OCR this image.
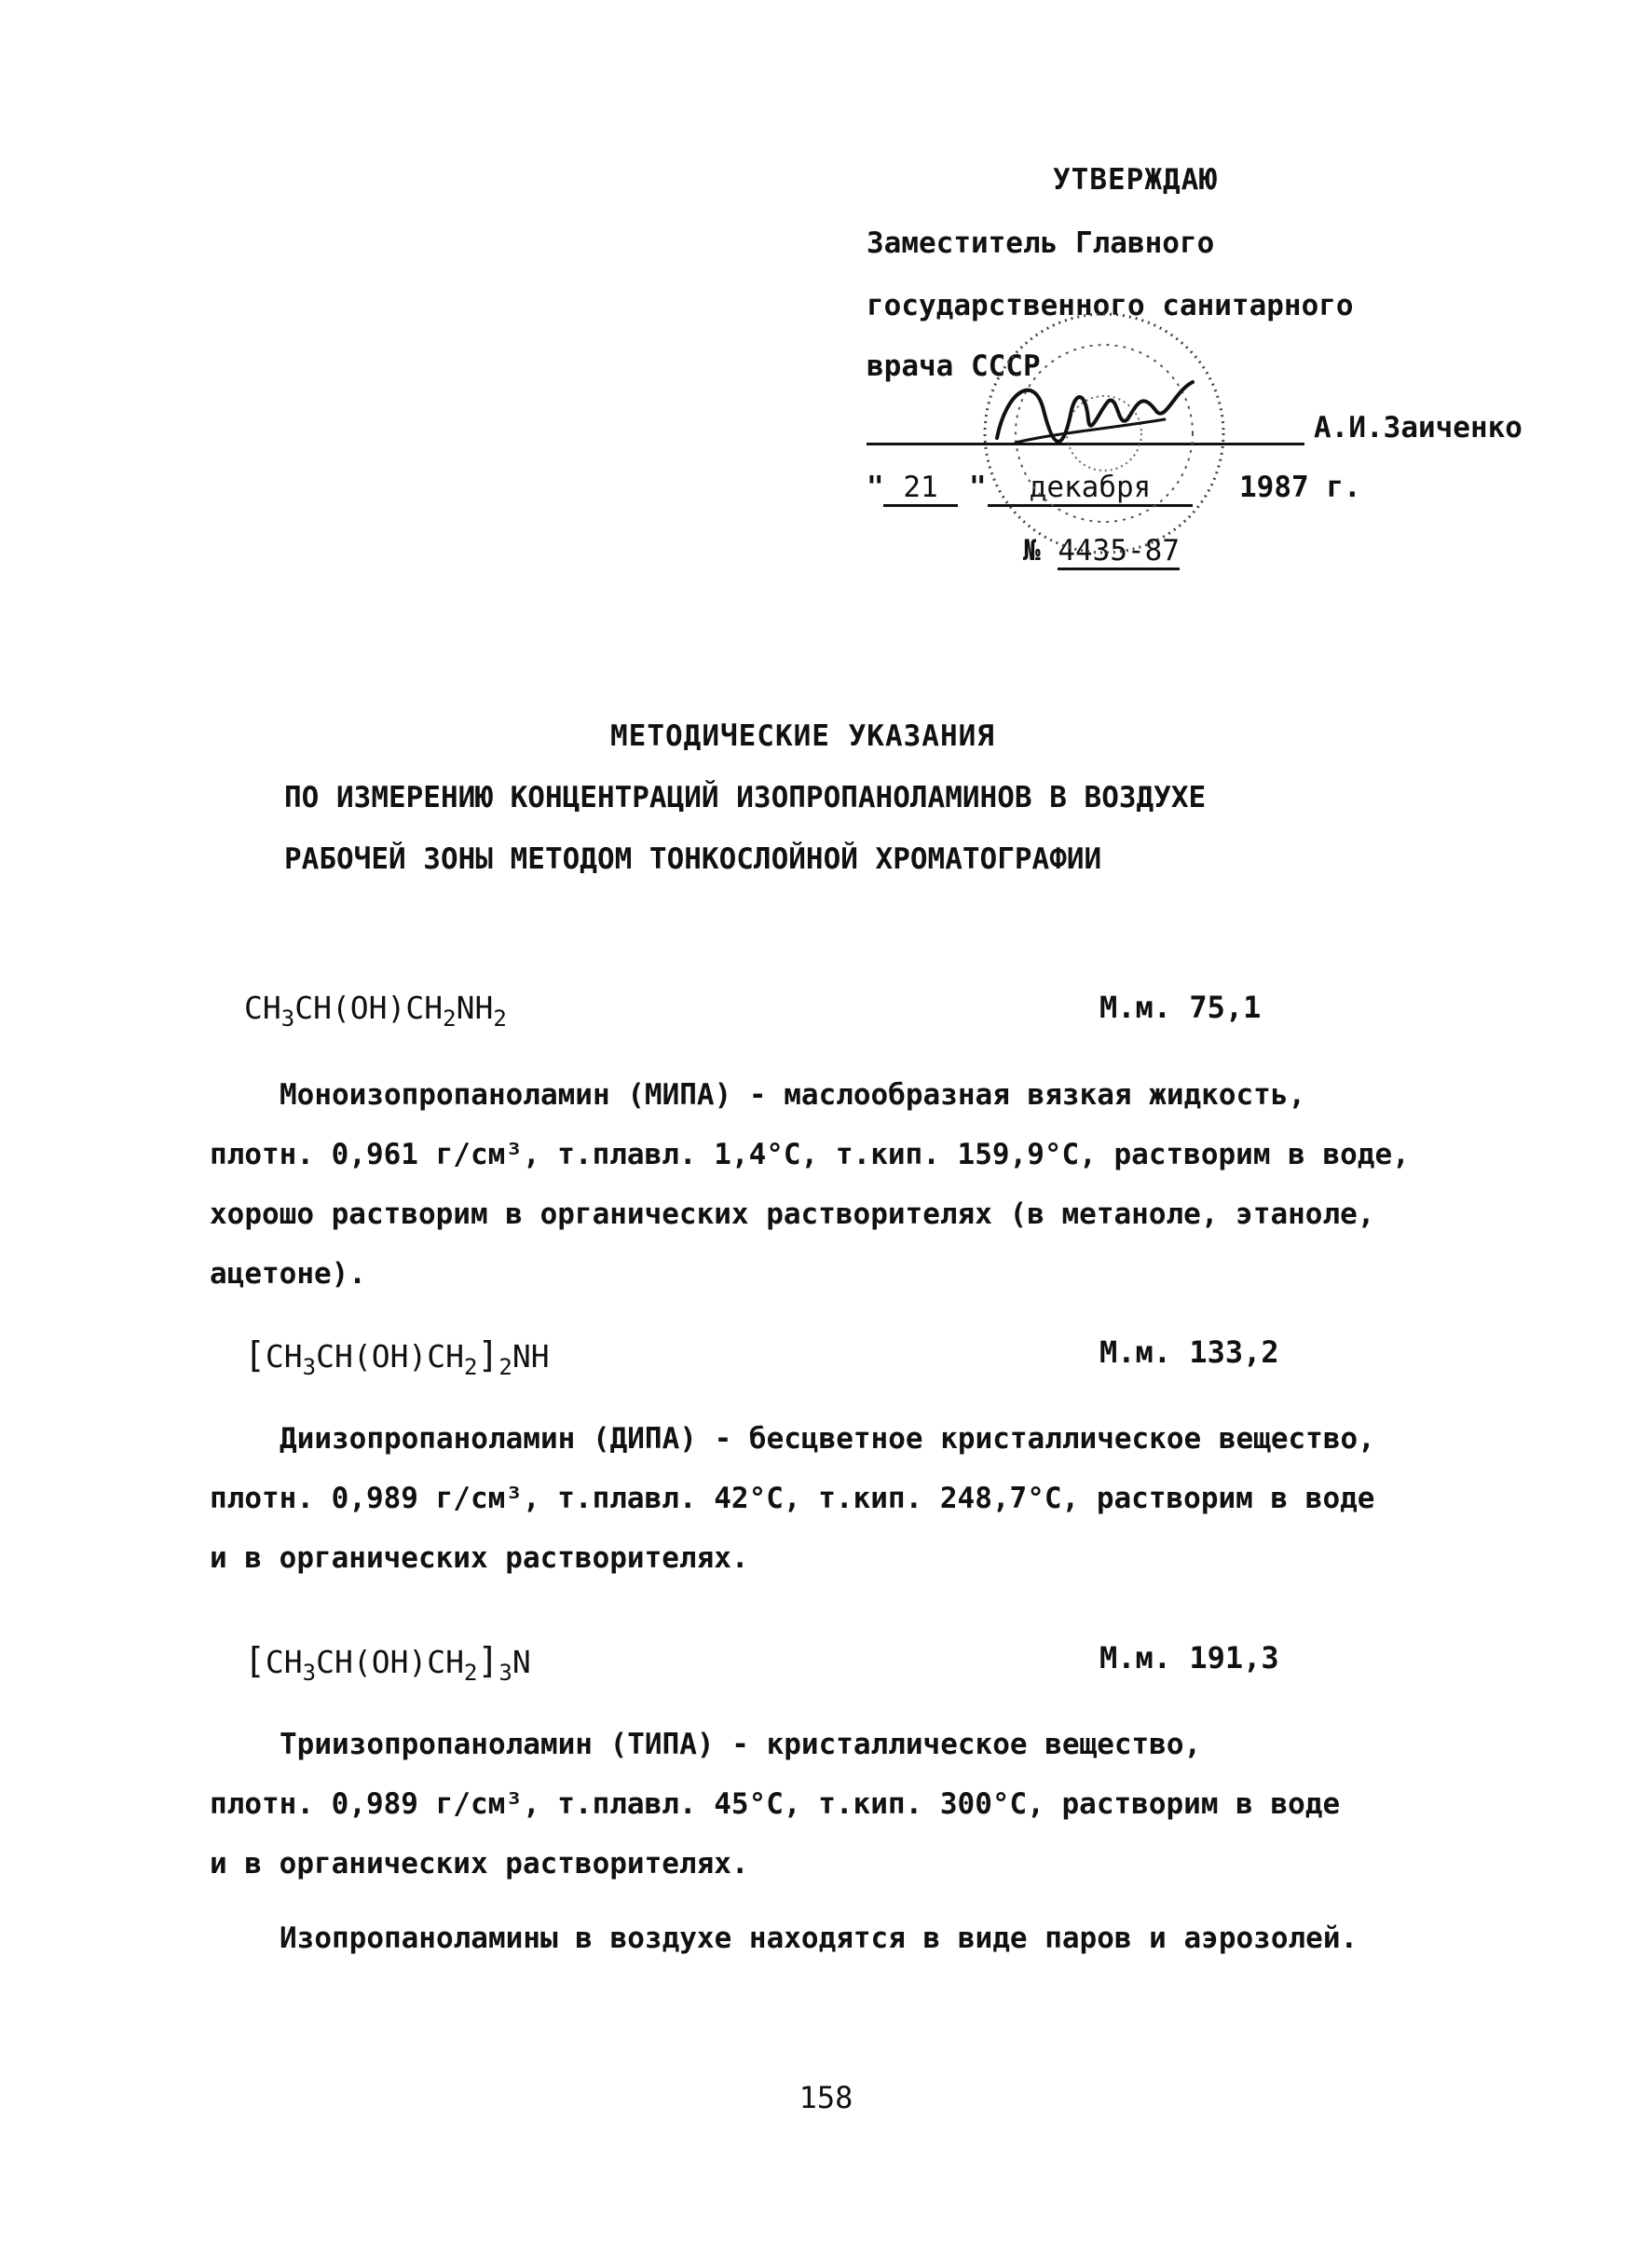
УТВЕРЖДАЮ
Заместитель Главного
государственного санитарного
врача СССР
А.И.Заиченко
" 21	"	декабря	1987 г.
№ 4435-87
МЕТОДИЧЕСКИЕ УКАЗАНИЯ
ПО ИЗМЕРЕНИЮ КОНЦЕНТРАЦИЙ ИЗОПРОПАНОЛАМИНОВ В ВОЗДУХЕ
РАБОЧЕЙ ЗОНЫ МЕТОДОМ ТОНКОСЛОЙНОЙ ХРОМАТОГРАФИИ
$CH_3CH(OH)CH_2NH_2$	М.м. 75,1
Моноизопропаноламин (МИПА) - маслообразная вязкая жидкость,
плотн. 0,961 г/см³, т.плавл. 1,4°С, т.кип. 159,9°С, растворим в воде,
хорошо растворим в органических растворителях (в метаноле, этаноле,
ацетоне).
$[CH_3CH(OH)CH_2]_2NH$	М.м. 133,2
Диизопропаноламин (ДИПА) - бесцветное кристаллическое вещество,
плотн. 0,989 г/см³, т.плавл. 42°С, т.кип. 248,7°С, растворим в воде
и в органических растворителях.
$[CH_3CH(OH)CH_2]_3N$	М.м. 191,3
Триизопропаноламин (ТИПА) - кристаллическое вещество,
плотн. 0,989 г/см³, т.плавл. 45°С, т.кип. 300°С, растворим в воде
и в органических растворителях.
Изопропаноламины в воздухе находятся в виде паров и аэрозолей.
158
